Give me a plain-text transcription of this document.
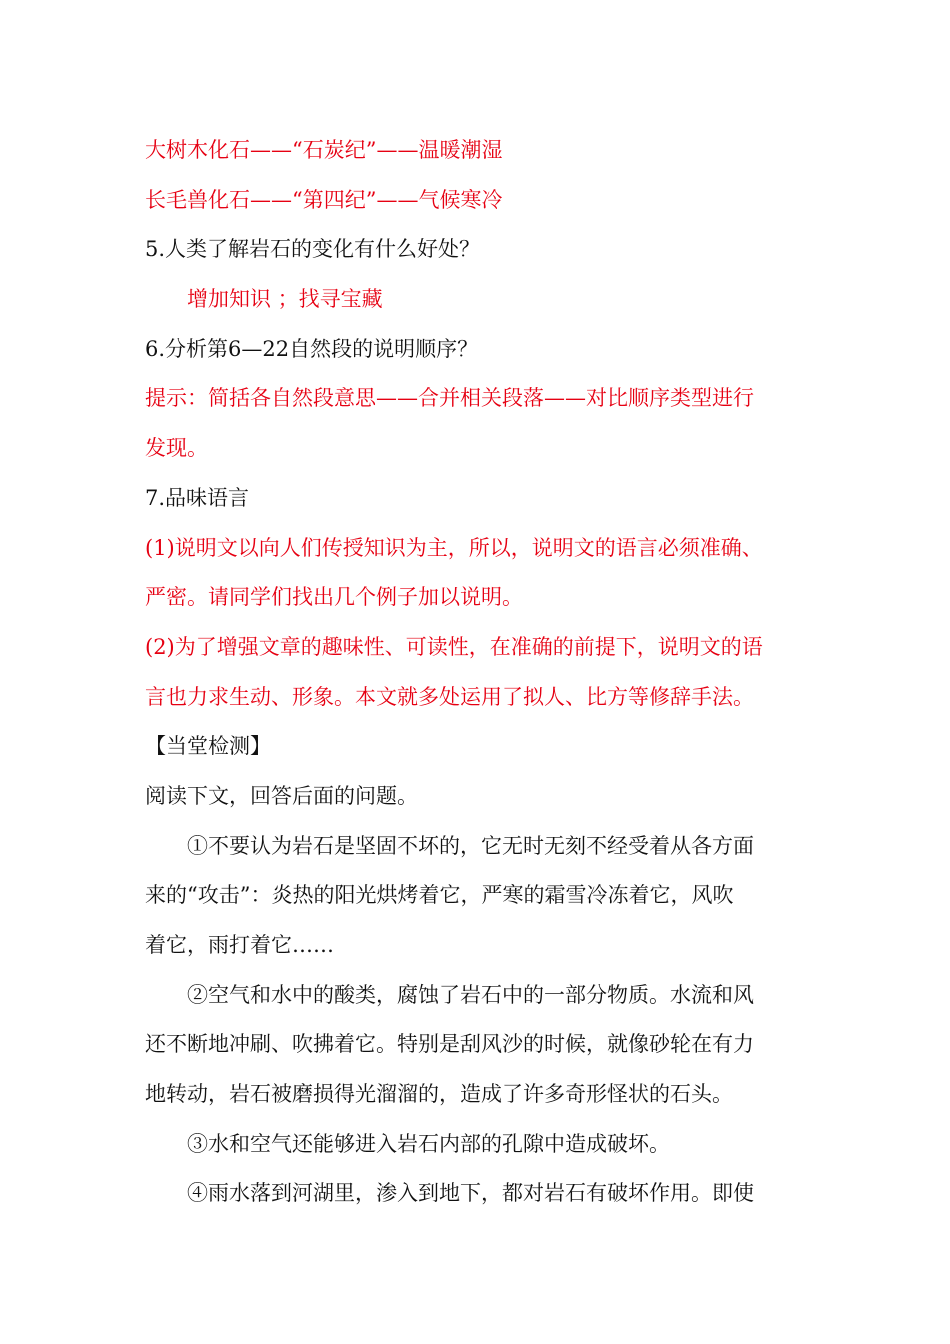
大树木化石——“石炭纪”——温暖潮湿

长毛兽化石——“第四纪”——气候寒冷

5.人类了解岩石的变化有什么好处？

增加知识 ；找寻宝藏

6.分析第6—22自然段的说明顺序？

提示：简括各自然段意思——合并相关段落——对比顺序类型进行

发现。

7.品味语言

(1)说明文以向人们传授知识为主，所以，说明文的语言必须准确、

严密。请同学们找出几个例子加以说明。

(2)为了增强文章的趣味性、可读性，在准确的前提下，说明文的语

言也力求生动、形象。本文就多处运用了拟人、比方等修辞手法。

【当堂检测】

阅读下文，回答后面的问题。

①不要认为岩石是坚固不坏的，它无时无刻不经受着从各方面

来的“攻击”：炎热的阳光烘烤着它，严寒的霜雪冷冻着它，风吹

着它，雨打着它……

②空气和水中的酸类，腐蚀了岩石中的一部分物质。水流和风

还不断地冲刷、吹拂着它。特别是刮风沙的时候，就像砂轮在有力

地转动，岩石被磨损得光溜溜的，造成了许多奇形怪状的石头。

③水和空气还能够进入岩石内部的孔隙中造成破坏。

④雨水落到河湖里，渗入到地下，都对岩石有破坏作用。即使
